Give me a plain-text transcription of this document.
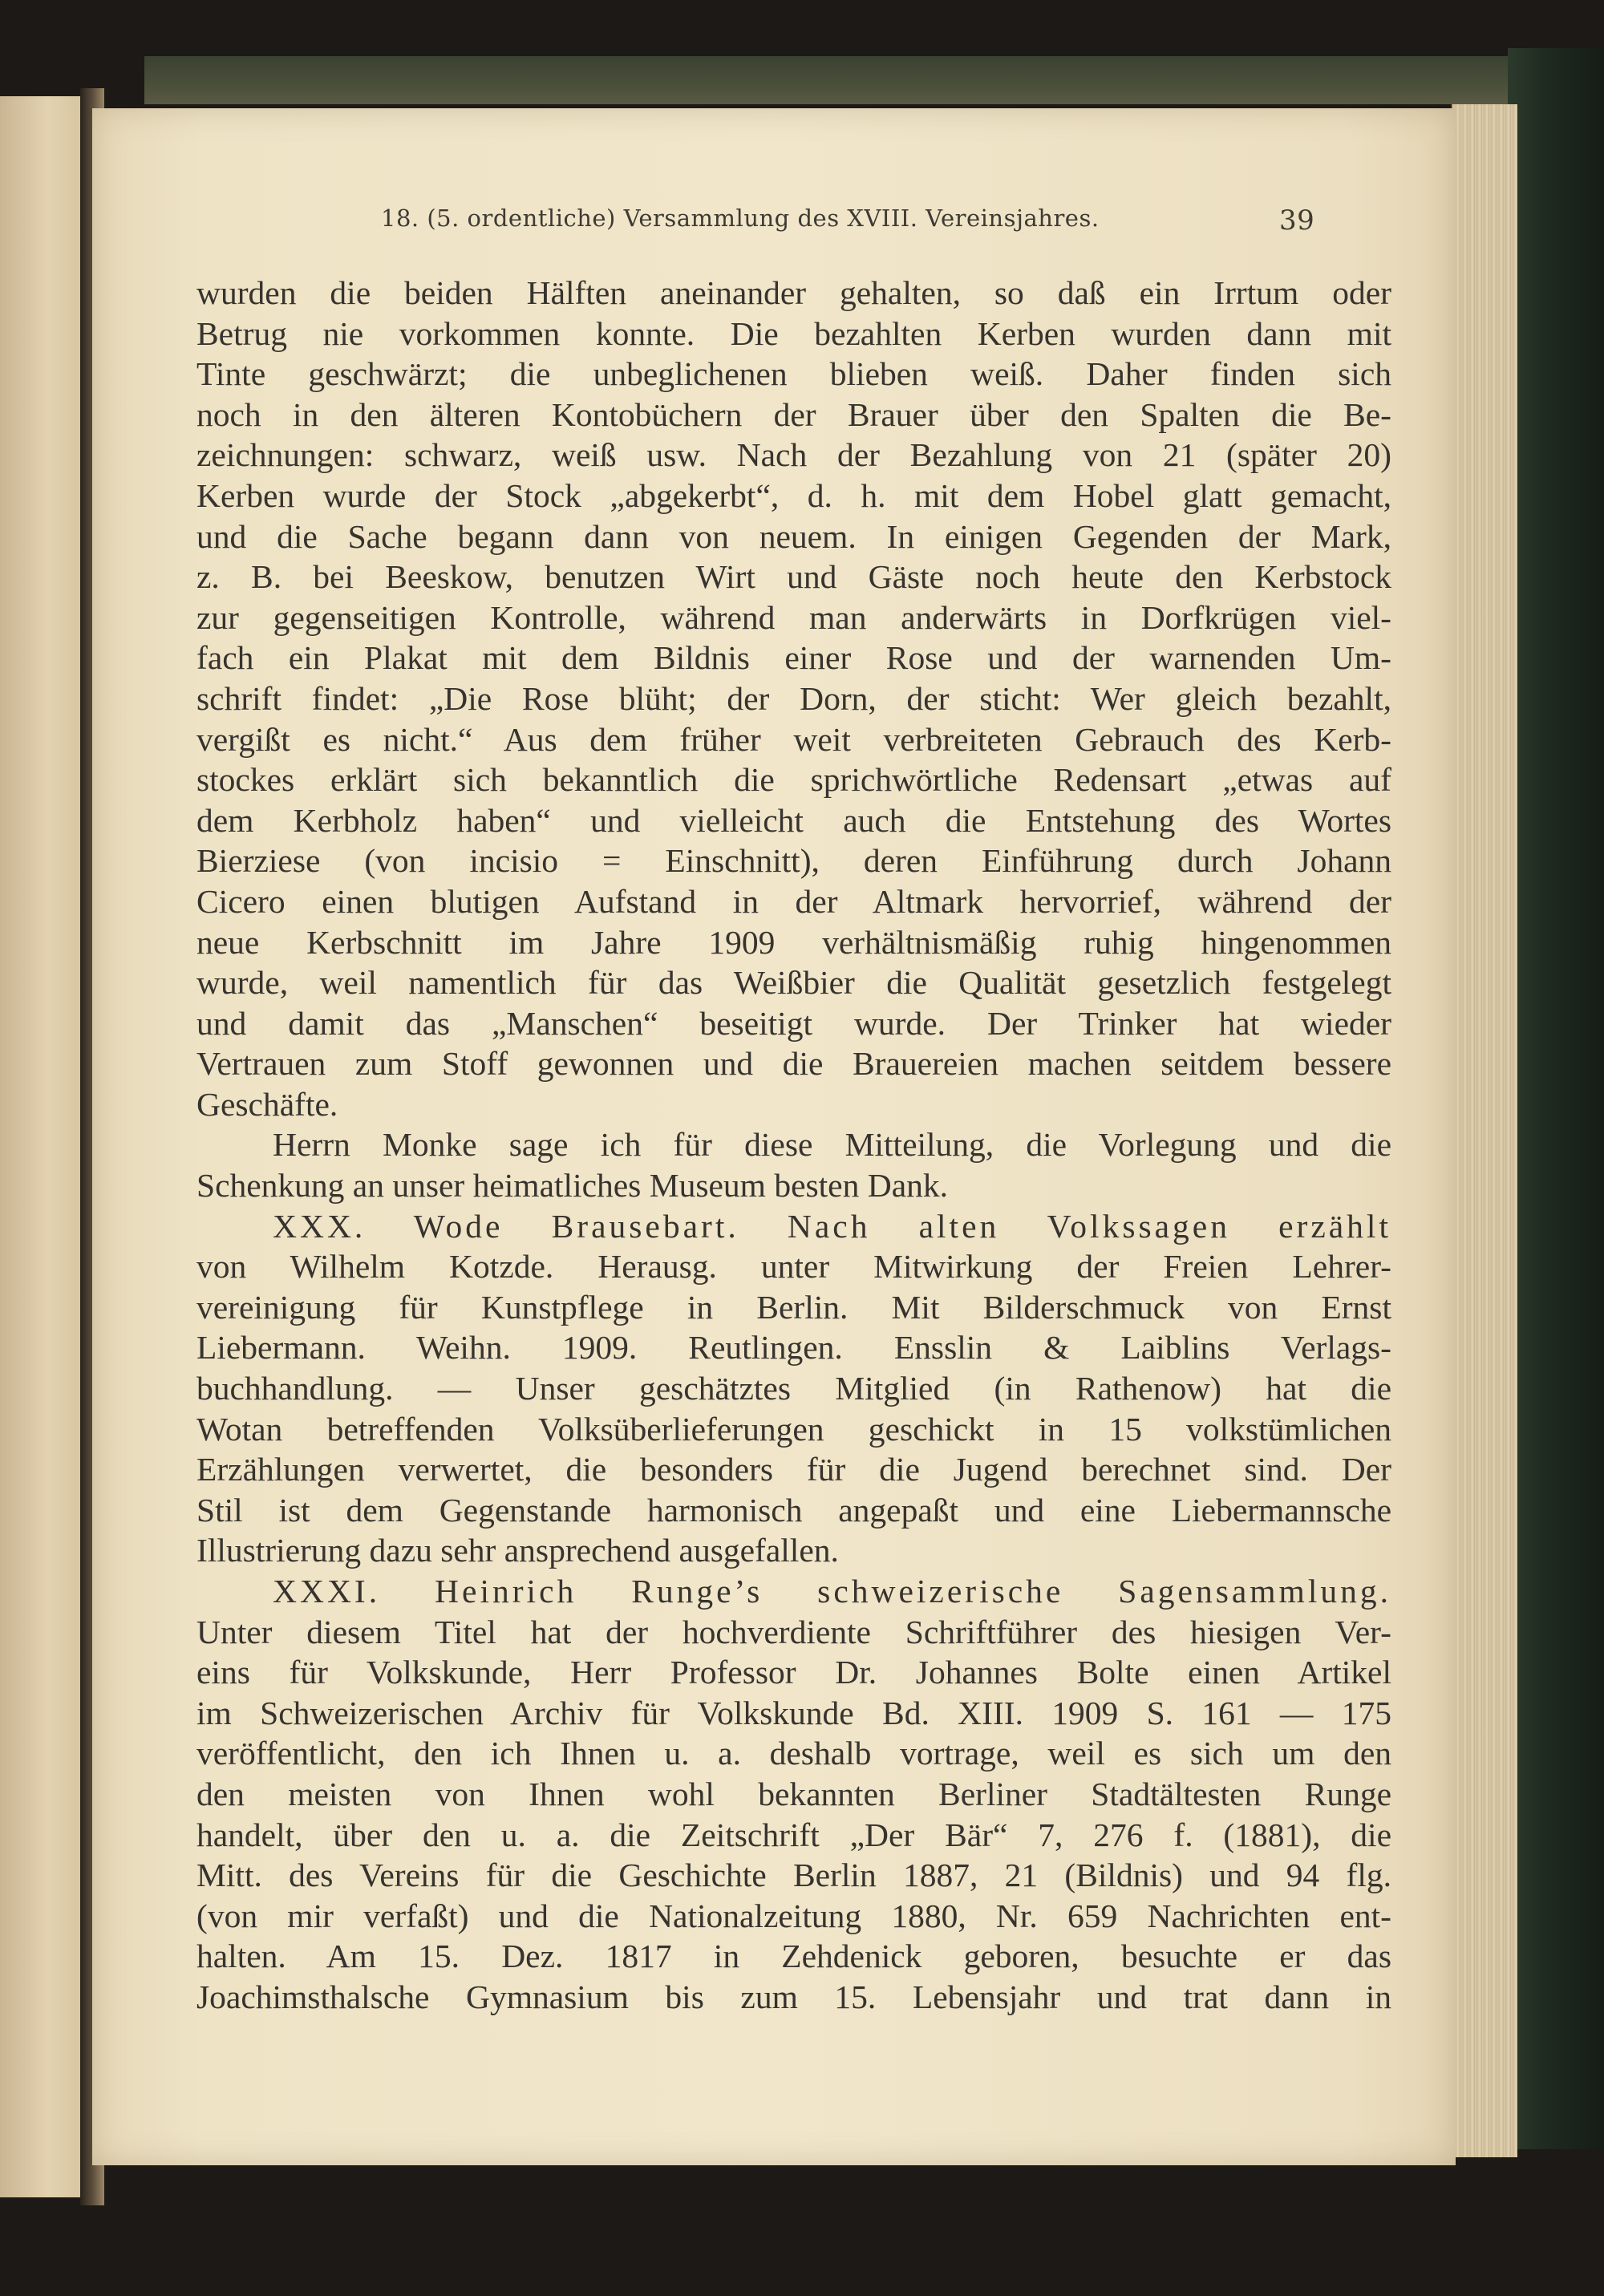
18. (5. ordentliche) Versammlung des XVIII. Vereinsjahres.	39
wurden die beiden Hälften aneinander gehalten, so daß ein Irrtum oder
Betrug nie vorkommen konnte. Die bezahlten Kerben wurden dann mit
Tinte geschwärzt; die unbeglichenen blieben weiß. Daher finden sich
noch in den älteren Kontobüchern der Brauer über den Spalten die Be-
zeichnungen: schwarz, weiß usw. Nach der Bezahlung von 21 (später 20)
Kerben wurde der Stock „abgekerbt“, d. h. mit dem Hobel glatt gemacht,
und die Sache begann dann von neuem. In einigen Gegenden der Mark,
z. B. bei Beeskow, benutzen Wirt und Gäste noch heute den Kerbstock
zur gegenseitigen Kontrolle, während man anderwärts in Dorfkrügen viel-
fach ein Plakat mit dem Bildnis einer Rose und der warnenden Um-
schrift findet: „Die Rose blüht; der Dorn, der sticht: Wer gleich bezahlt,
vergißt es nicht.“ Aus dem früher weit verbreiteten Gebrauch des Kerb-
stockes erklärt sich bekanntlich die sprichwörtliche Redensart „etwas auf
dem Kerbholz haben“ und vielleicht auch die Entstehung des Wortes
Bierziese (von incisio = Einschnitt), deren Einführung durch Johann
Cicero einen blutigen Aufstand in der Altmark hervorrief, während der
neue Kerbschnitt im Jahre 1909 verhältnismäßig ruhig hingenommen
wurde, weil namentlich für das Weißbier die Qualität gesetzlich festgelegt
und damit das „Manschen“ beseitigt wurde. Der Trinker hat wieder
Vertrauen zum Stoff gewonnen und die Brauereien machen seitdem bessere
Geschäfte.
Herrn Monke sage ich für diese Mitteilung, die Vorlegung und die
Schenkung an unser heimatliches Museum besten Dank.
XXX. Wode Brausebart. Nach alten Volkssagen erzählt
von Wilhelm Kotzde. Herausg. unter Mitwirkung der Freien Lehrer-
vereinigung für Kunstpflege in Berlin. Mit Bilderschmuck von Ernst
Liebermann. Weihn. 1909. Reutlingen. Ensslin & Laiblins Verlags-
buchhandlung. — Unser geschätztes Mitglied (in Rathenow) hat die
Wotan betreffenden Volksüberlieferungen geschickt in 15 volkstümlichen
Erzählungen verwertet, die besonders für die Jugend berechnet sind. Der
Stil ist dem Gegenstande harmonisch angepaßt und eine Liebermannsche
Illustrierung dazu sehr ansprechend ausgefallen.
XXXI. Heinrich Runge’s schweizerische Sagensammlung.
Unter diesem Titel hat der hochverdiente Schriftführer des hiesigen Ver-
eins für Volkskunde, Herr Professor Dr. Johannes Bolte einen Artikel
im Schweizerischen Archiv für Volkskunde Bd. XIII. 1909 S. 161 — 175
veröffentlicht, den ich Ihnen u. a. deshalb vortrage, weil es sich um den
den meisten von Ihnen wohl bekannten Berliner Stadtältesten Runge
handelt, über den u. a. die Zeitschrift „Der Bär“ 7, 276 f. (1881), die
Mitt. des Vereins für die Geschichte Berlin 1887, 21 (Bildnis) und 94 flg.
(von mir verfaßt) und die Nationalzeitung 1880, Nr. 659 Nachrichten ent-
halten. Am 15. Dez. 1817 in Zehdenick geboren, besuchte er das
Joachimsthalsche Gymnasium bis zum 15. Lebensjahr und trat dann in
